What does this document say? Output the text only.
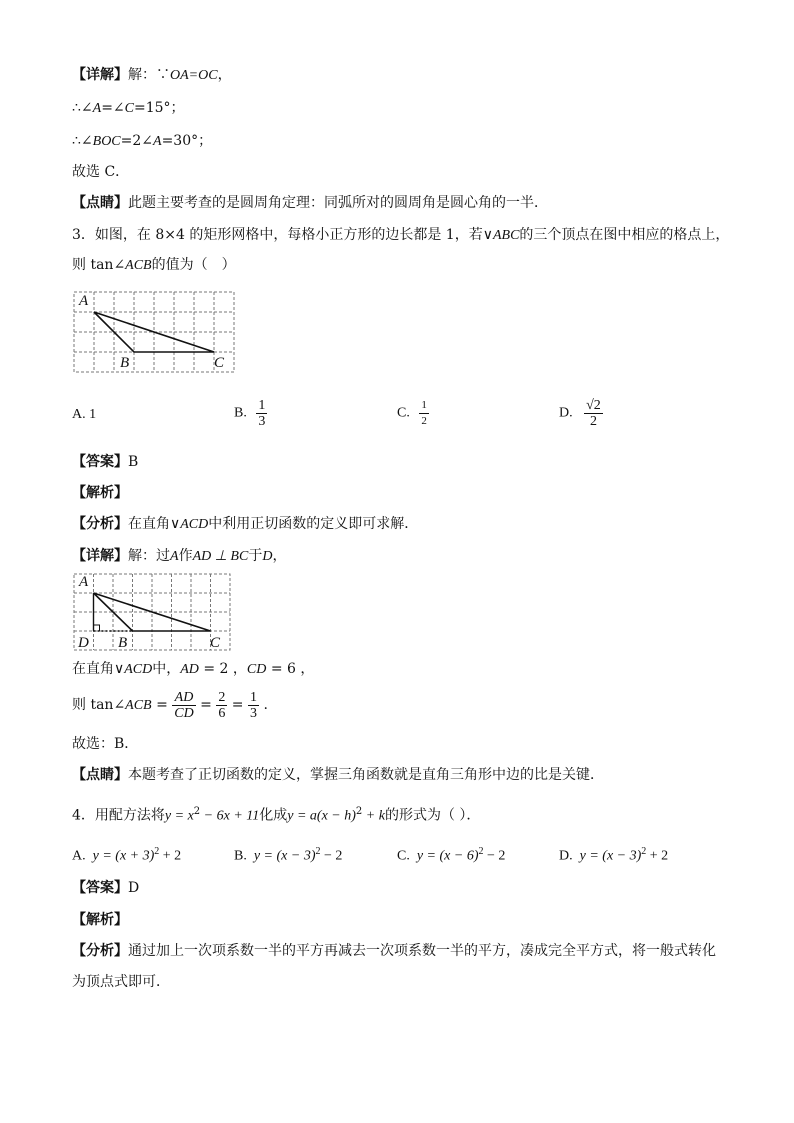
【详解】解：∵OA=OC，
∴∠A=∠C=15°；
∴∠BOC=2∠A=30°；
故选 C．
【点睛】此题主要考查的是圆周角定理：同弧所对的圆周角是圆心角的一半．
3．如图，在 8×4 的矩形网格中，每格小正方形的边长都是 1，若∨ABC的三个顶点在图中相应的格点上，
则 tan∠ACB的值为（　）
A
B	C
A. 1	B. $\frac{1}{3}$	C. $\frac{1}{2}$	D. $\frac{√2}{2}$
【答案】B
【解析】
【分析】在直角∨ACD中利用正切函数的定义即可求解．
【详解】解：过A作AD ⊥ BC于D，
A
D B	C
在直角∨ACD中，AD = 2 ，CD = 6 ，
则 tan∠ACB = $\frac{AD}{CD} = \frac{2}{6} = \frac{1}{3}$ .
故选：B．
【点睛】本题考查了正切函数的定义，掌握三角函数就是直角三角形中边的比是关键．
4．用配方法将$y = x^2 - 6x + 11$化成$y = a(x - h)^2 + k$的形式为（ ）．
A. $y = (x + 3)^2 + 2$	B. $y = (x - 3)^2 - 2$	C. $y = (x - 6)^2 - 2$	D. $y = (x - 3)^2 + 2$
【答案】D
【解析】
【分析】通过加上一次项系数一半的平方再减去一次项系数一半的平方，凑成完全平方式，将一般式转化
为顶点式即可．
